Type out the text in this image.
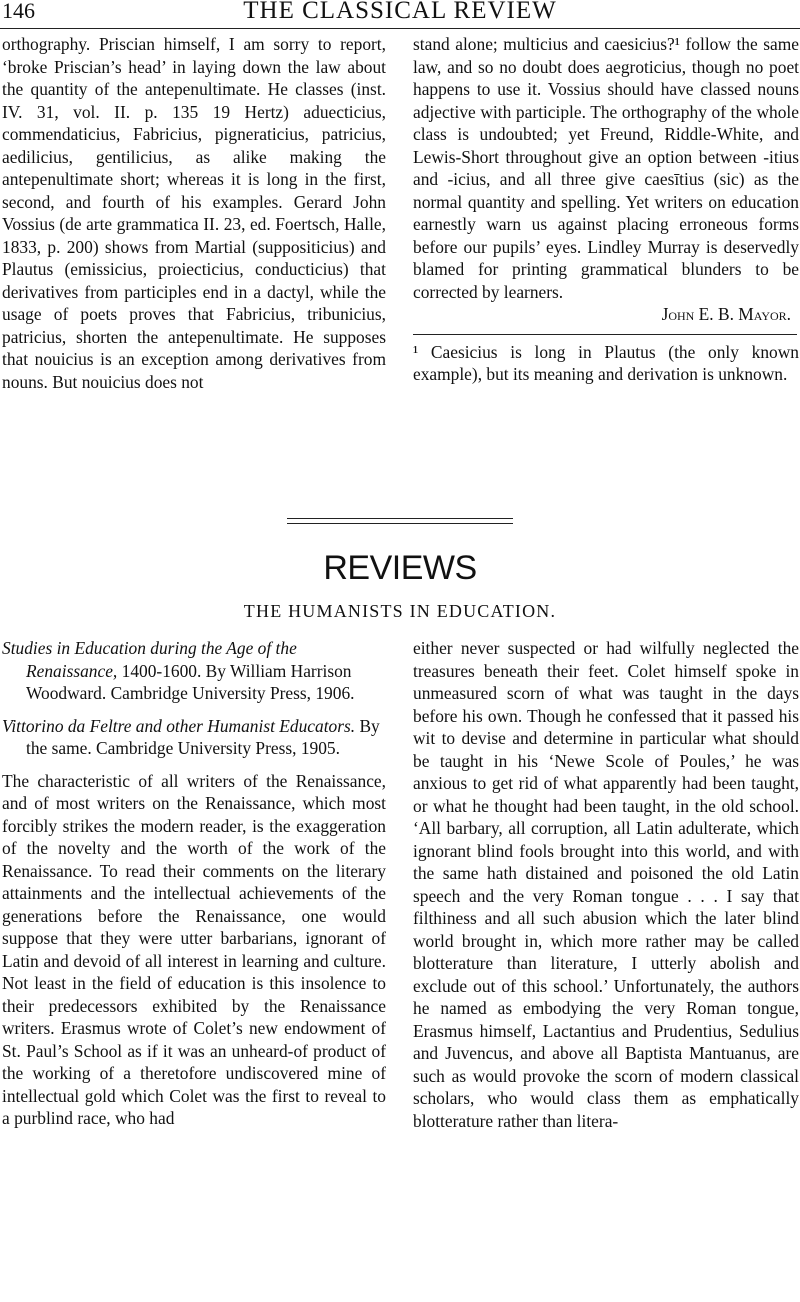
146	THE CLASSICAL REVIEW

orthography. Priscian himself, I am sorry to report, ‘broke Priscian’s head’ in laying down the law about the quantity of the antepenultimate. He classes (inst. IV. 31, vol. II. p. 135 19 Hertz) aduecticius, commendaticius, Fabricius, pigneraticius, patricius, aedilicius, gentilicius, as alike making the antepenultimate short; whereas it is long in the first, second, and fourth of his examples. Gerard John Vossius (de arte grammatica II. 23, ed. Foertsch, Halle, 1833, p. 200) shows from Martial (suppositicius) and Plautus (emissicius, proiecticius, conducticius) that derivatives from participles end in a dactyl, while the usage of poets proves that Fabricius, tribunicius, patricius, shorten the antepenultimate. He supposes that nouicius is an exception among derivatives from nouns. But nouicius does not

stand alone; multicius and caesicius?¹ follow the same law, and so no doubt does aegroticius, though no poet happens to use it. Vossius should have classed nouns adjective with participle. The orthography of the whole class is undoubted; yet Freund, Riddle-White, and Lewis-Short throughout give an option between -itius and -icius, and all three give caesītius (sic) as the normal quantity and spelling. Yet writers on education earnestly warn us against placing erroneous forms before our pupils’ eyes. Lindley Murray is deservedly blamed for printing grammatical blunders to be corrected by learners.

John E. B. Mayor.

¹ Caesicius is long in Plautus (the only known example), but its meaning and derivation is unknown.

REVIEWS
THE HUMANISTS IN EDUCATION.

Studies in Education during the Age of the Renaissance, 1400-1600. By William Harrison Woodward. Cambridge University Press, 1906.

Vittorino da Feltre and other Humanist Educators. By the same. Cambridge University Press, 1905.

The characteristic of all writers of the Renaissance, and of most writers on the Renaissance, which most forcibly strikes the modern reader, is the exaggeration of the novelty and the worth of the work of the Renaissance. To read their comments on the literary attainments and the intellectual achievements of the generations before the Renaissance, one would suppose that they were utter barbarians, ignorant of Latin and devoid of all interest in learning and culture. Not least in the field of education is this insolence to their predecessors exhibited by the Renaissance writers. Erasmus wrote of Colet’s new endowment of St. Paul’s School as if it was an unheard-of product of the working of a theretofore undiscovered mine of intellectual gold which Colet was the first to reveal to a purblind race, who had

either never suspected or had wilfully neglected the treasures beneath their feet. Colet himself spoke in unmeasured scorn of what was taught in the days before his own. Though he confessed that it passed his wit to devise and determine in particular what should be taught in his ‘Newe Scole of Poules,’ he was anxious to get rid of what apparently had been taught, or what he thought had been taught, in the old school. ‘All barbary, all corruption, all Latin adulterate, which ignorant blind fools brought into this world, and with the same hath distained and poisoned the old Latin speech and the very Roman tongue . . . I say that filthiness and all such abusion which the later blind world brought in, which more rather may be called blotterature than literature, I utterly abolish and exclude out of this school.’ Unfortunately, the authors he named as embodying the very Roman tongue, Erasmus himself, Lactantius and Prudentius, Sedulius and Juvencus, and above all Baptista Mantuanus, are such as would provoke the scorn of modern classical scholars, who would class them as emphatically blotterature rather than litera-
